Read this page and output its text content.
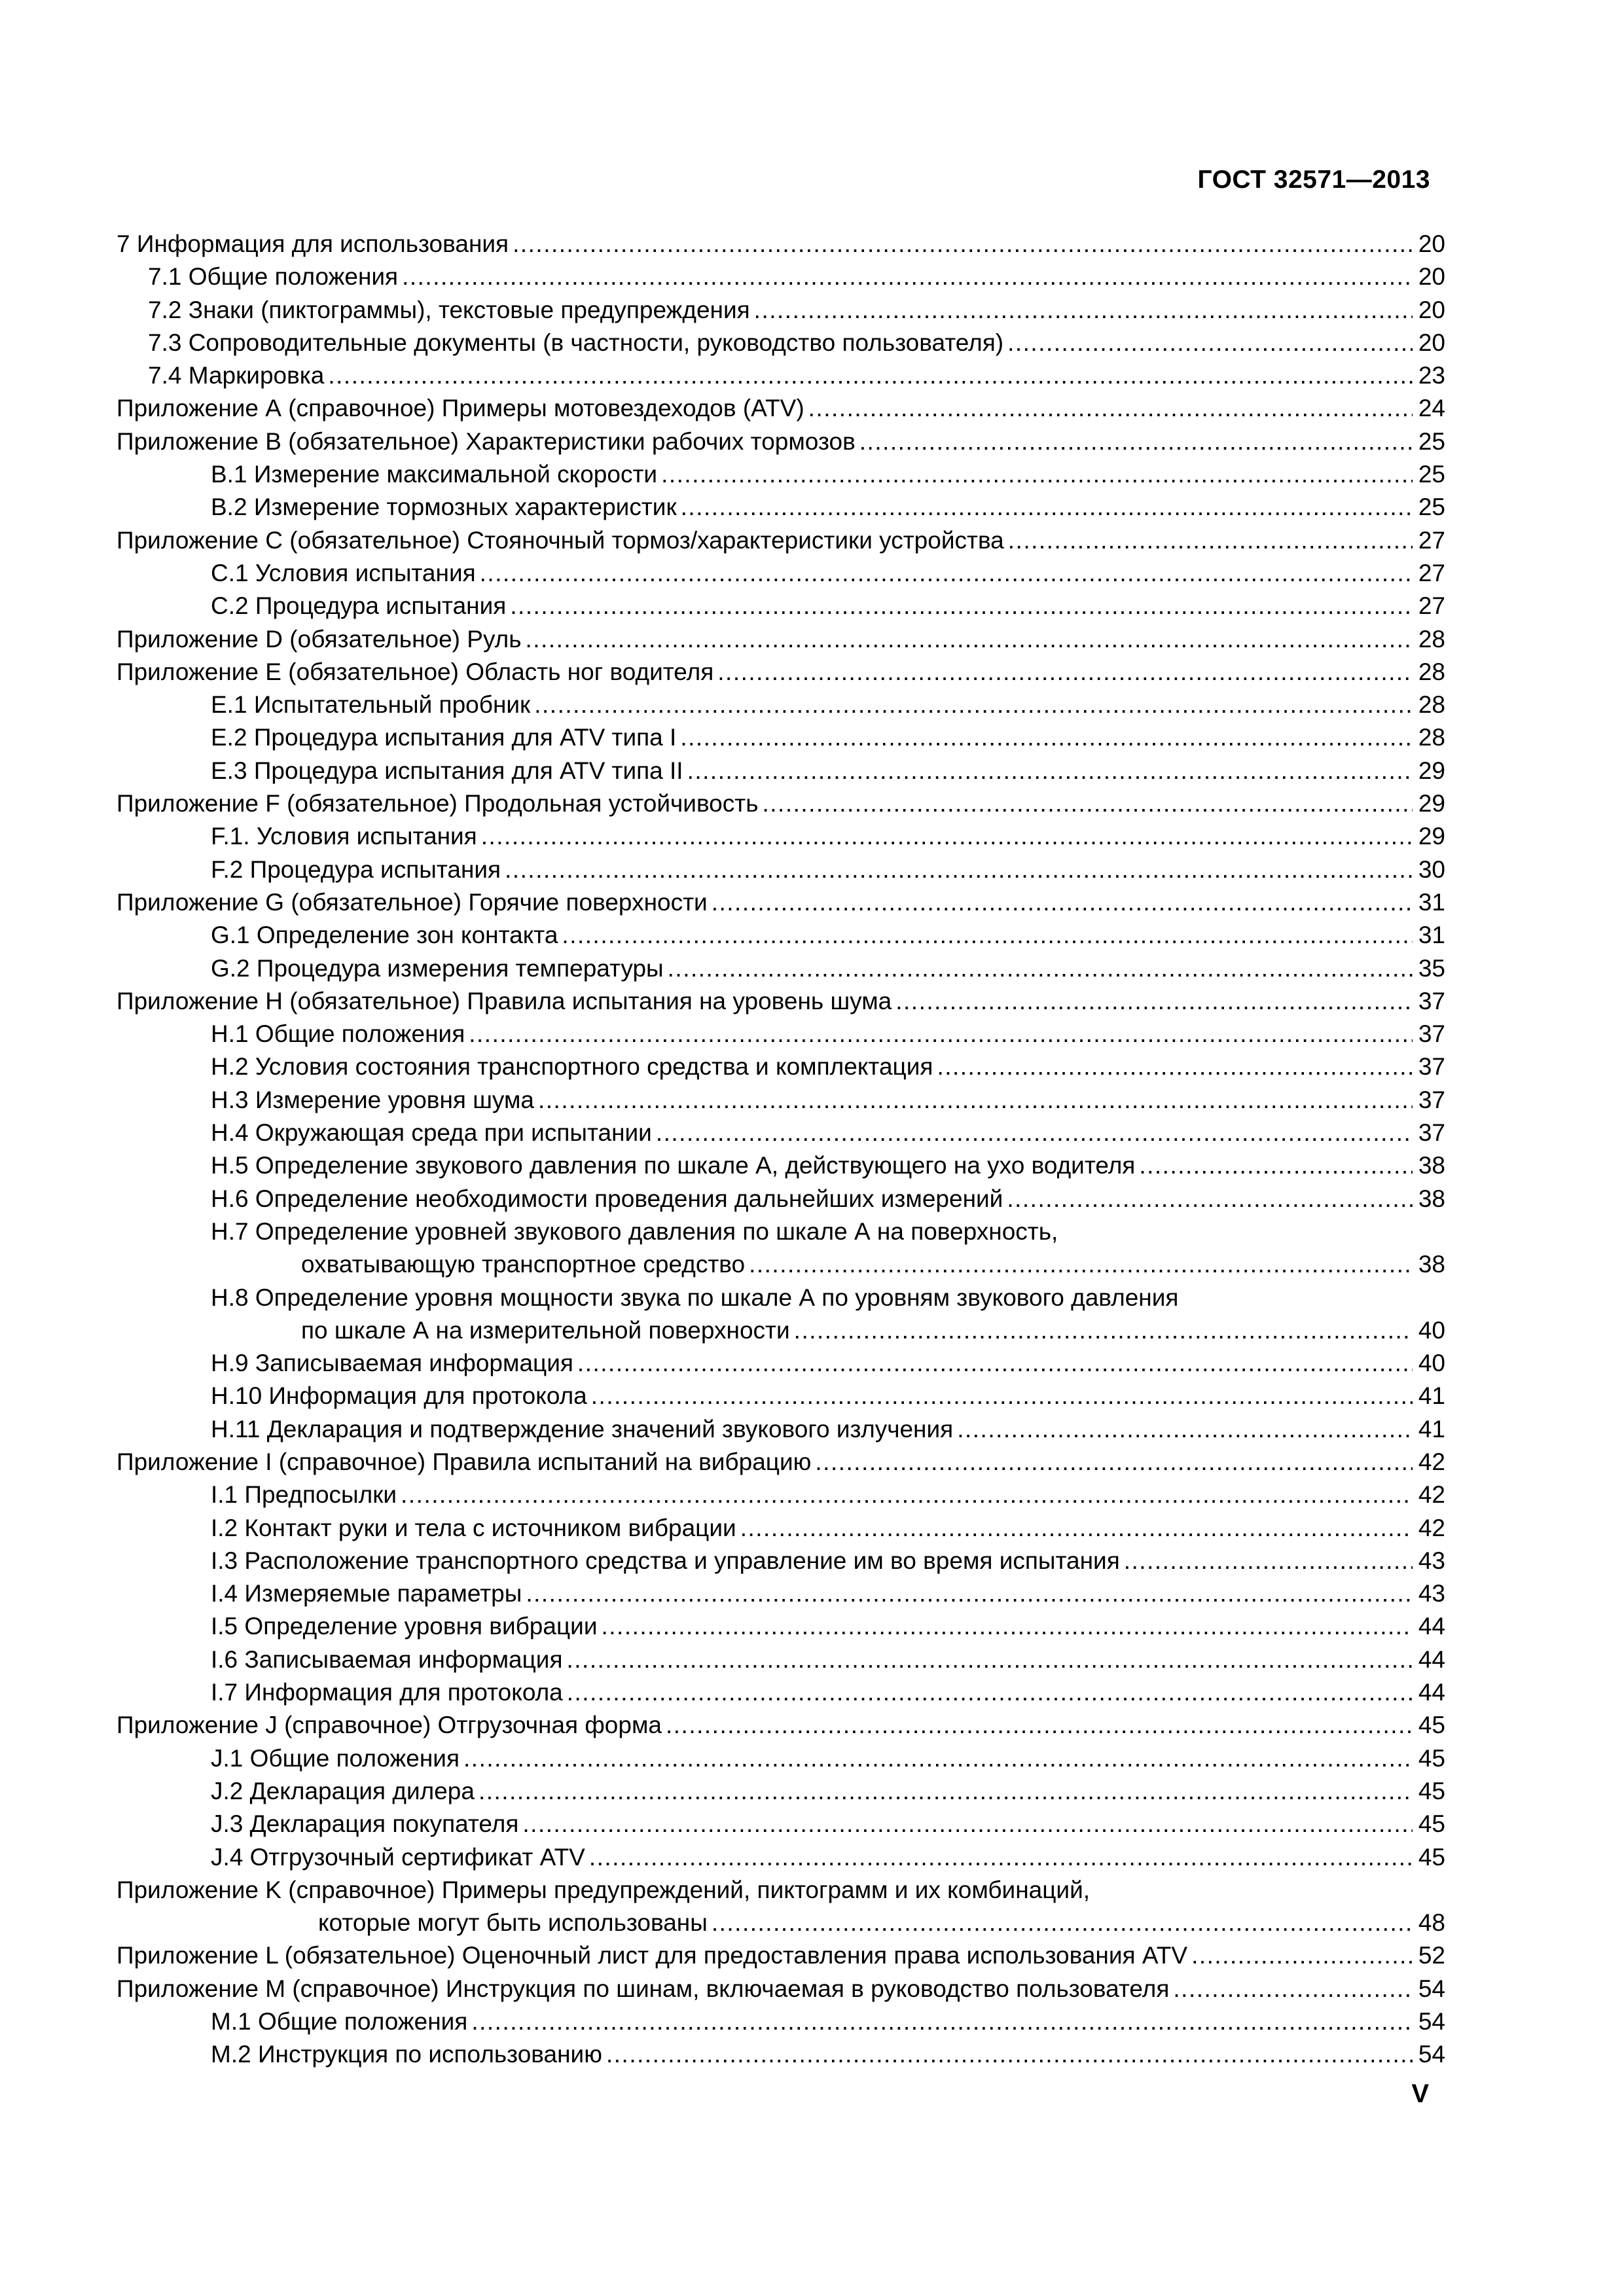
ГОСТ 32571—2013
7 Информация для использования .....	20
7.1 Общие положения .....	20
7.2 Знаки (пиктограммы), текстовые предупреждения .....	20
7.3 Сопроводительные документы (в частности, руководство пользователя) .....	20
7.4 Маркировка .....	23
Приложение А (справочное) Примеры мотовездеходов (ATV) .....	24
Приложение В (обязательное) Характеристики рабочих тормозов .....	25
В.1 Измерение максимальной скорости .....	25
В.2 Измерение тормозных характеристик .....	25
Приложение С (обязательное) Стояночный тормоз/характеристики устройства .....	27
С.1 Условия испытания .....	27
С.2 Процедура испытания .....	27
Приложение D (обязательное) Руль .....	28
Приложение Е (обязательное) Область ног водителя .....	28
Е.1 Испытательный пробник .....	28
Е.2 Процедура испытания для ATV типа I .....	28
Е.3 Процедура испытания для ATV типа II .....	29
Приложение F (обязательное) Продольная устойчивость .....	29
F.1. Условия испытания .....	29
F.2 Процедура испытания .....	30
Приложение G (обязательное) Горячие поверхности .....	31
G.1 Определение зон контакта .....	31
G.2 Процедура измерения температуры .....	35
Приложение Н (обязательное) Правила испытания на уровень шума .....	37
Н.1 Общие положения .....	37
Н.2 Условия состояния транспортного средства и комплектация .....	37
Н.3 Измерение уровня шума .....	37
Н.4 Окружающая среда при испытании .....	37
Н.5 Определение звукового давления по шкале А, действующего на ухо водителя .....	38
Н.6 Определение необходимости проведения дальнейших измерений .....	38
Н.7 Определение уровней звукового давления по шкале А на поверхность,
охватывающую транспортное средство .....	38
Н.8 Определение уровня мощности звука по шкале А по уровням звукового давления
по шкале А на измерительной поверхности .....	40
Н.9 Записываемая информация .....	40
Н.10 Информация для протокола .....	41
Н.11 Декларация и подтверждение значений звукового излучения .....	41
Приложение I (справочное) Правила испытаний на вибрацию .....	42
I.1 Предпосылки .....	42
I.2 Контакт руки и тела с источником вибрации .....	42
I.3 Расположение транспортного средства и управление им во время испытания .....	43
I.4 Измеряемые параметры .....	43
I.5 Определение уровня вибрации .....	44
I.6 Записываемая информация .....	44
I.7 Информация для протокола .....	44
Приложение J (справочное) Отгрузочная форма .....	45
J.1 Общие положения .....	45
J.2 Декларация дилера .....	45
J.3 Декларация покупателя .....	45
J.4 Отгрузочный сертификат ATV .....	45
Приложение K (справочное) Примеры предупреждений, пиктограмм и их комбинаций,
которые могут быть использованы .....	48
Приложение L (обязательное) Оценочный лист для предоставления права использования ATV .....	52
Приложение М (справочное) Инструкция по шинам, включаемая в руководство пользователя .....	54
М.1 Общие положения .....	54
М.2 Инструкция по использованию .....	54
V
